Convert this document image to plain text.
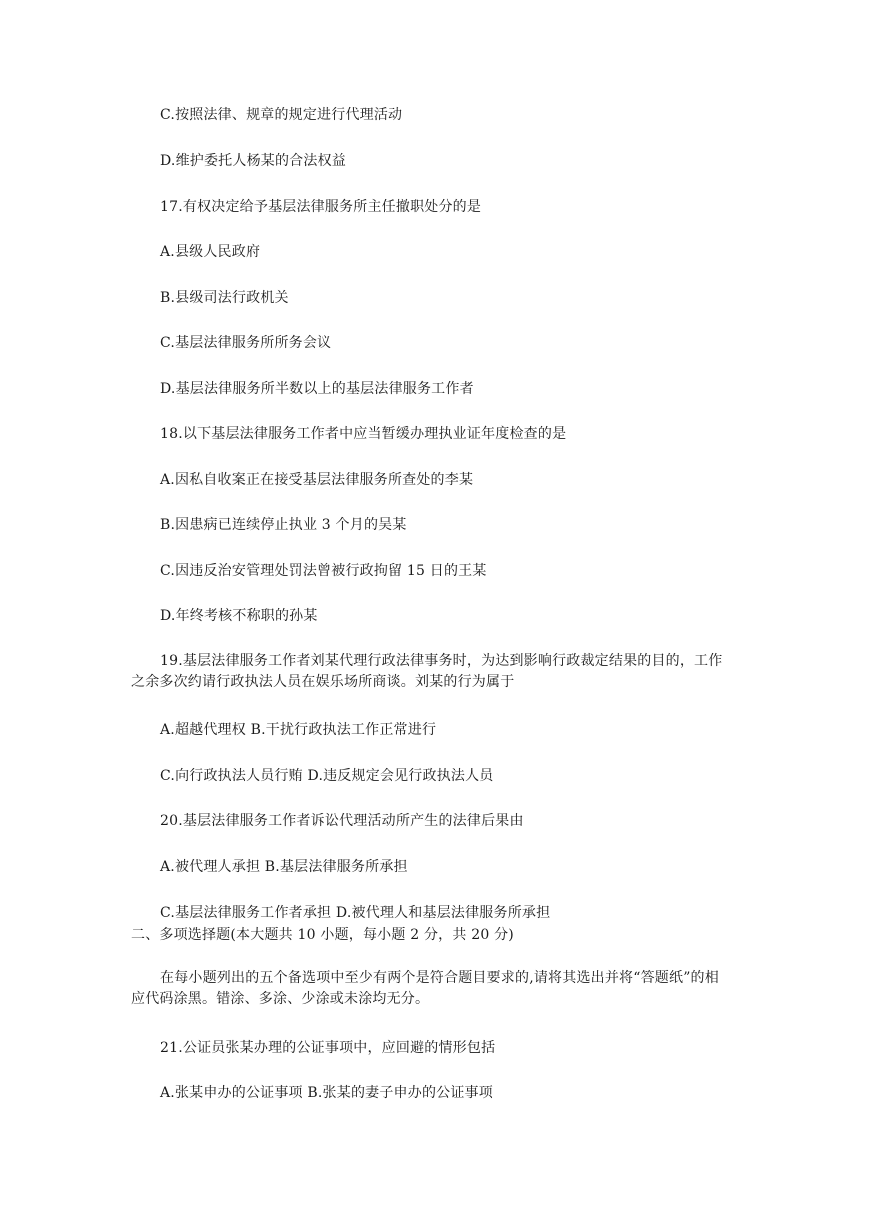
C.按照法律、规章的规定进行代理活动
D.维护委托人杨某的合法权益
17.有权决定给予基层法律服务所主任撤职处分的是
A.县级人民政府
B.县级司法行政机关
C.基层法律服务所所务会议
D.基层法律服务所半数以上的基层法律服务工作者
18.以下基层法律服务工作者中应当暂缓办理执业证年度检查的是
A.因私自收案正在接受基层法律服务所查处的李某
B.因患病已连续停止执业 3 个月的吴某
C.因违反治安管理处罚法曾被行政拘留 15 日的王某
D.年终考核不称职的孙某
19.基层法律服务工作者刘某代理行政法律事务时，为达到影响行政裁定结果的目的，工作之余多次约请行政执法人员在娱乐场所商谈。刘某的行为属于
A.超越代理权 B.干扰行政执法工作正常进行
C.向行政执法人员行贿 D.违反规定会见行政执法人员
20.基层法律服务工作者诉讼代理活动所产生的法律后果由
A.被代理人承担 B.基层法律服务所承担
C.基层法律服务工作者承担 D.被代理人和基层法律服务所承担
二、多项选择题(本大题共 10 小题，每小题 2 分，共 20 分)
在每小题列出的五个备选项中至少有两个是符合题目要求的,请将其选出并将“答题纸”的相应代码涂黑。错涂、多涂、少涂或未涂均无分。
21.公证员张某办理的公证事项中，应回避的情形包括
A.张某申办的公证事项 B.张某的妻子申办的公证事项
